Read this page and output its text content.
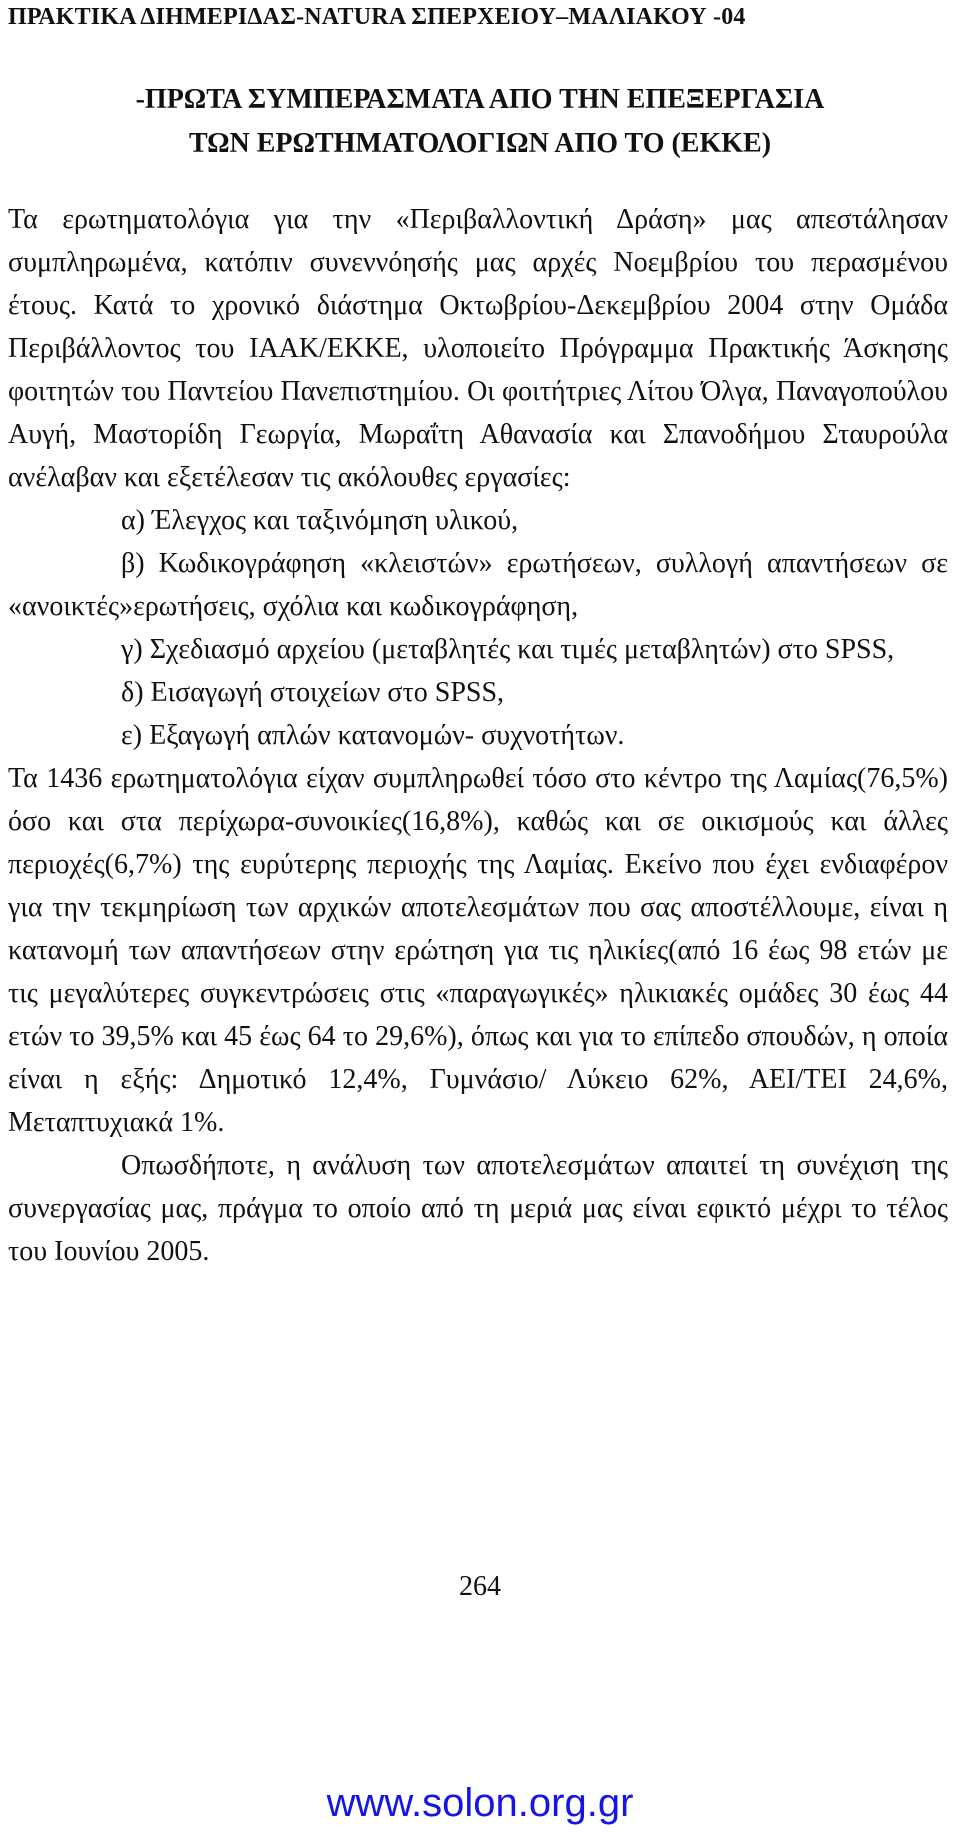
ΠΡΑΚΤΙΚΑ ΔΙΗΜΕΡΙΔΑΣ-NATURA ΣΠΕΡΧΕΙΟΥ–ΜΑΛΙΑΚΟΥ -04
-ΠΡΩΤΑ ΣΥΜΠΕΡΑΣΜΑΤΑ ΑΠΟ ΤΗΝ ΕΠΕΞΕΡΓΑΣΙΑ
ΤΩΝ ΕΡΩΤΗΜΑΤΟΛΟΓΙΩΝ ΑΠΟ ΤΟ (ΕΚΚΕ)

Τα ερωτηματολόγια για την «Περιβαλλοντική Δράση» μας απεστάλησαν συμπληρωμένα, κατόπιν συνεννόησής μας αρχές Νοεμβρίου του περασμένου έτους. Κατά το χρονικό διάστημα Οκτωβρίου-Δεκεμβρίου 2004 στην Ομάδα Περιβάλλοντος του ΙΑΑΚ/ΕΚΚΕ, υλοποιείτο Πρόγραμμα Πρακτικής Άσκησης φοιτητών του Παντείου Πανεπιστημίου. Οι φοιτήτριες Λίτου Όλγα, Παναγοπούλου Αυγή, Μαστορίδη Γεωργία, Μωραΐτη Αθανασία και Σπανοδήμου Σταυρούλα ανέλαβαν και εξετέλεσαν τις ακόλουθες εργασίες:

α) Έλεγχος και ταξινόμηση υλικού,

β) Κωδικογράφηση «κλειστών» ερωτήσεων, συλλογή απαντήσεων σε «ανοικτές»ερωτήσεις, σχόλια και κωδικογράφηση,

γ) Σχεδιασμό αρχείου (μεταβλητές και τιμές μεταβλητών) στο SPSS,

δ) Εισαγωγή στοιχείων στο SPSS,

ε) Εξαγωγή απλών κατανομών- συχνοτήτων.

Τα 1436 ερωτηματολόγια είχαν συμπληρωθεί τόσο στο κέντρο της Λαμίας(76,5%) όσο και στα περίχωρα-συνοικίες(16,8%), καθώς και σε οικισμούς και άλλες περιοχές(6,7%) της ευρύτερης περιοχής της Λαμίας. Εκείνο που έχει ενδιαφέρον για την τεκμηρίωση των αρχικών αποτελεσμάτων που σας αποστέλλουμε, είναι η κατανομή των απαντήσεων στην ερώτηση για τις ηλικίες(από 16 έως 98 ετών με τις μεγαλύτερες συγκεντρώσεις στις «παραγωγικές» ηλικιακές ομάδες 30 έως 44 ετών το 39,5% και 45 έως 64 το 29,6%), όπως και για το επίπεδο σπουδών, η οποία είναι η εξής: Δημοτικό 12,4%, Γυμνάσιο/ Λύκειο 62%, ΑΕΙ/ΤΕΙ 24,6%, Μεταπτυχιακά 1%.

Οπωσδήποτε, η ανάλυση των αποτελεσμάτων απαιτεί τη συνέχιση της συνεργασίας μας, πράγμα το οποίο από τη μεριά μας είναι εφικτό μέχρι το τέλος του Ιουνίου 2005.

264
www.solon.org.gr
